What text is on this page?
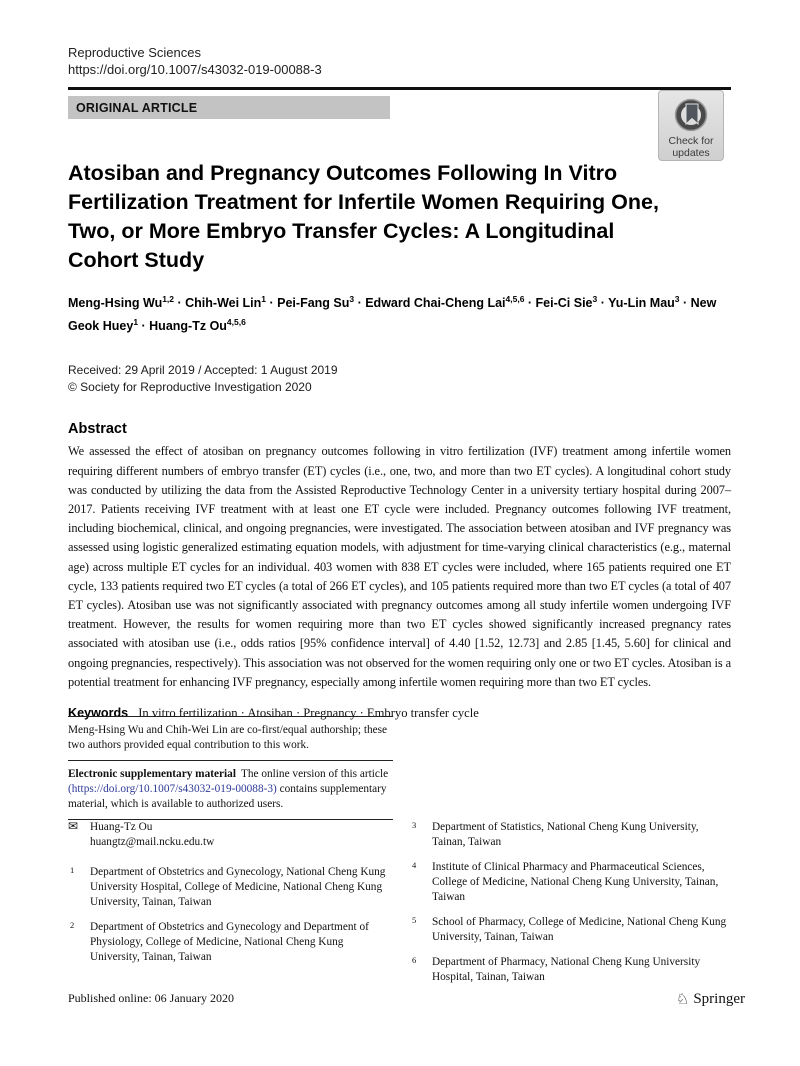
Reproductive Sciences
https://doi.org/10.1007/s43032-019-00088-3
ORIGINAL ARTICLE
Check for
updates
Atosiban and Pregnancy Outcomes Following In Vitro Fertilization Treatment for Infertile Women Requiring One, Two, or More Embryo Transfer Cycles: A Longitudinal Cohort Study
Meng-Hsing Wu$^{1,2}$ · Chih-Wei Lin$^1$ · Pei-Fang $Su^3$ · Edward Chai-Cheng Lai$^{4,5,6}$ · Fei-Ci Sie$^3$ · Yu-Lin Mau$^3$ · New Geok Huey$^1$ · Huang-Tz Ou$^{4,5,6}$
Received: 29 April 2019 / Accepted: 1 August 2019
© Society for Reproductive Investigation 2020
Abstract
We assessed the effect of atosiban on pregnancy outcomes following in vitro fertilization (IVF) treatment among infertile women requiring different numbers of embryo transfer (ET) cycles (i.e., one, two, and more than two ET cycles). A longitudinal cohort study was conducted by utilizing the data from the Assisted Reproductive Technology Center in a university tertiary hospital during 2007–2017. Patients receiving IVF treatment with at least one ET cycle were included. Pregnancy outcomes following IVF treatment, including biochemical, clinical, and ongoing pregnancies, were investigated. The association between atosiban and IVF pregnancy was assessed using logistic generalized estimating equation models, with adjustment for time-varying clinical characteristics (e.g., maternal age) across multiple ET cycles for an individual. 403 women with 838 ET cycles were included, where 165 patients required one ET cycle, 133 patients required two ET cycles (a total of 266 ET cycles), and 105 patients required more than two ET cycles (a total of 407 ET cycles). Atosiban use was not significantly associated with pregnancy outcomes among all study infertile women undergoing IVF treatment. However, the results for women requiring more than two ET cycles showed significantly increased pregnancy rates associated with atosiban use (i.e., odds ratios [95% confidence interval] of 4.40 [1.52, 12.73] and 2.85 [1.45, 5.60] for clinical and ongoing pregnancies, respectively). This association was not observed for the women requiring only one or two ET cycles. Atosiban is a potential treatment for enhancing IVF pregnancy, especially among infertile women requiring more than two ET cycles.
Keywords In vitro fertilization · Atosiban · Pregnancy · Embryo transfer cycle
Meng-Hsing Wu and Chih-Wei Lin are co-first/equal authorship; these two authors provided equal contribution to this work.
Electronic supplementary material The online version of this article (https://doi.org/10.1007/s43032-019-00088-3) contains supplementary material, which is available to authorized users.
✉ Huang-Tz Ou
huangtz@mail.ncku.edu.tw
1 Department of Obstetrics and Gynecology, National Cheng Kung University Hospital, College of Medicine, National Cheng Kung University, Tainan, Taiwan
2 Department of Obstetrics and Gynecology and Department of Physiology, College of Medicine, National Cheng Kung University, Tainan, Taiwan
3 Department of Statistics, National Cheng Kung University, Tainan, Taiwan
4 Institute of Clinical Pharmacy and Pharmaceutical Sciences, College of Medicine, National Cheng Kung University, Tainan, Taiwan
5 School of Pharmacy, College of Medicine, National Cheng Kung University, Tainan, Taiwan
6 Department of Pharmacy, National Cheng Kung University Hospital, Tainan, Taiwan
Published online: 06 January 2020	♘ Springer
